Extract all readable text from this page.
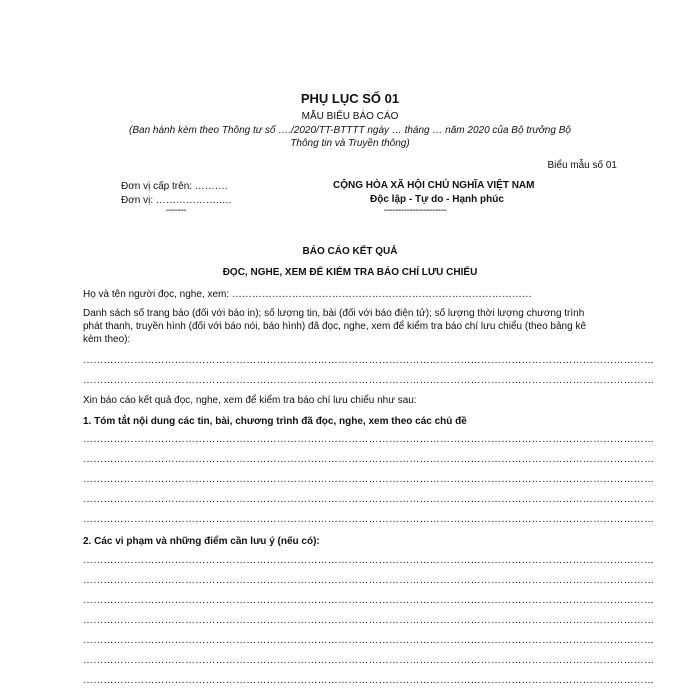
PHỤ LỤC SỐ 01
MẪU BIỂU BÁO CÁO
(Ban hành kèm theo Thông tư số …./2020/TT-BTTTT ngày … tháng … năm 2020 của Bộ trưởng Bộ
Thông tin và Truyền thông)
Biểu mẫu số 01
Đơn vị cấp trên: ……….
Đơn vị: ……………….….
-------
CỘNG HÒA XÃ HỘI CHỦ NGHĨA VIỆT NAM
Độc lập - Tự do - Hạnh phúc
----------------------
BÁO CÁO KẾT QUẢ
ĐỌC, NGHE, XEM ĐỂ KIỂM TRA BÁO CHÍ LƯU CHIỂU
Họ và tên người đọc, nghe, xem: ………………………………………………………………………………
Danh sách số trang báo (đối với báo in); số lượng tin, bài (đối với báo điện tử); số lượng thời lượng chương trình phát thanh, truyền hình (đối với báo nói, báo hình) đã đọc, nghe, xem để kiểm tra báo chí lưu chiểu (theo bảng kê kèm theo):
……………………………………………………………………………………………………………………………………………………
……………………………………………………………………………………………………………………………………………………
Xin báo cáo kết quả đọc, nghe, xem để kiểm tra báo chí lưu chiểu như sau:
1. Tóm tắt nội dung các tin, bài, chương trình đã đọc, nghe, xem theo các chủ đề
……………………………………………………………………………………………………………………………………………………
……………………………………………………………………………………………………………………………………………………
……………………………………………………………………………………………………………………………………………………
……………………………………………………………………………………………………………………………………………………
……………………………………………………………………………………………………………………………………………………
2. Các vi phạm và những điểm cần lưu ý (nếu có):
……………………………………………………………………………………………………………………………………………………
……………………………………………………………………………………………………………………………………………………
……………………………………………………………………………………………………………………………………………………
……………………………………………………………………………………………………………………………………………………
……………………………………………………………………………………………………………………………………………………
……………………………………………………………………………………………………………………………………………………
……………………………………………………………………………………………………………………………………………………
